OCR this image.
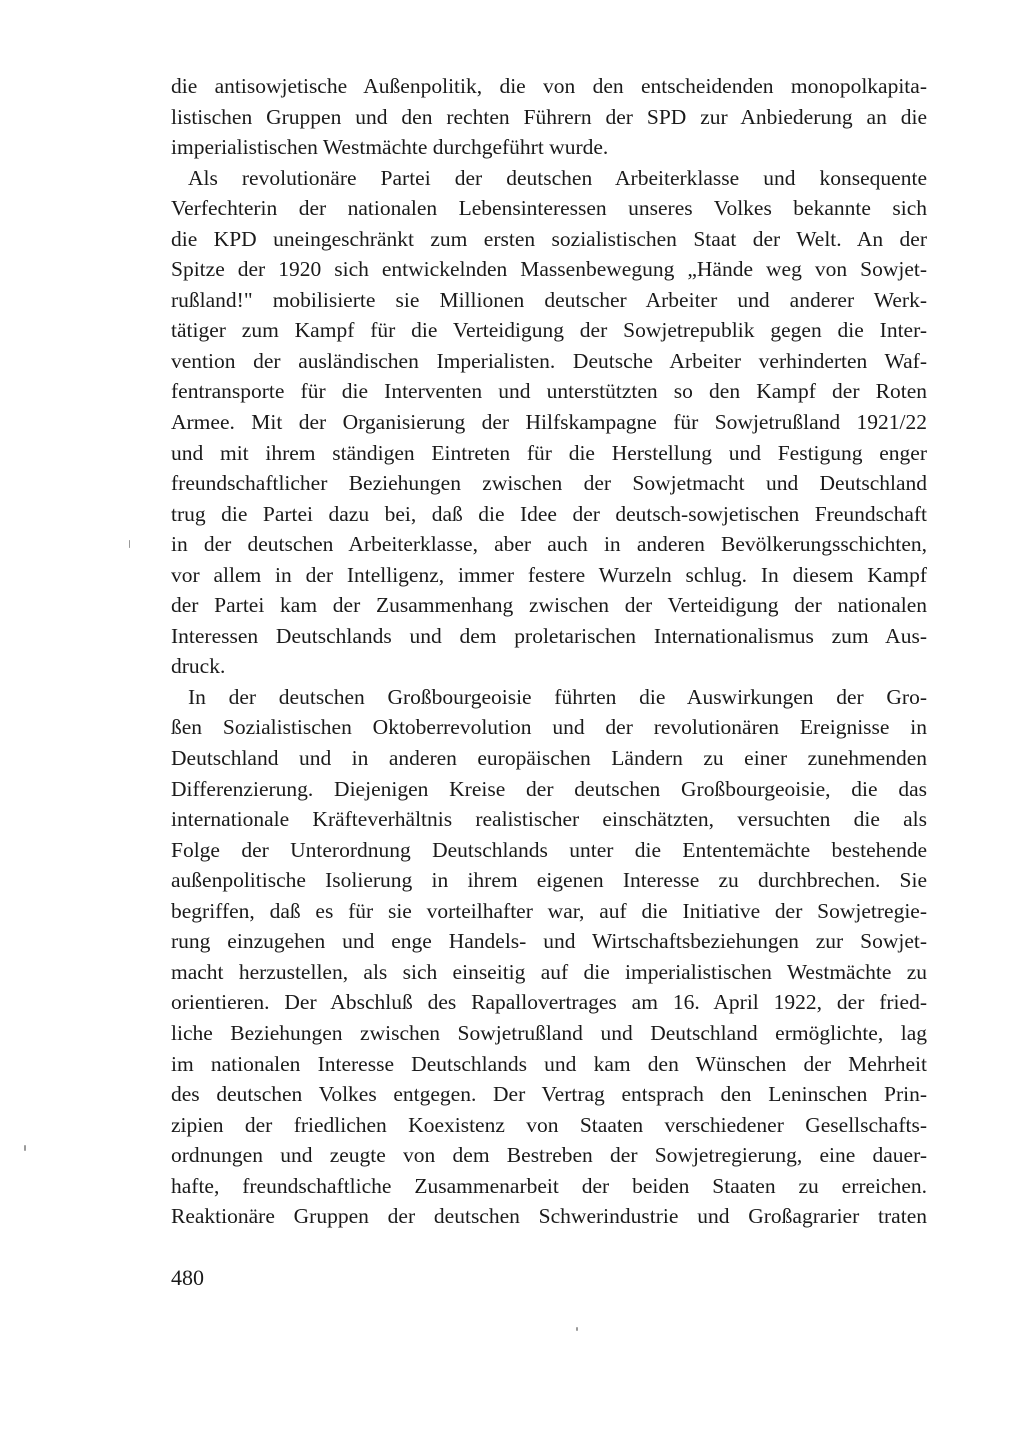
die antisowjetische Außenpolitik, die von den entscheidenden monopolkapita-
listischen Gruppen und den rechten Führern der SPD zur Anbiederung an die
imperialistischen Westmächte durchgeführt wurde.
Als revolutionäre Partei der deutschen Arbeiterklasse und konsequente
Verfechterin der nationalen Lebensinteressen unseres Volkes bekannte sich
die KPD uneingeschränkt zum ersten sozialistischen Staat der Welt. An der
Spitze der 1920 sich entwickelnden Massenbewegung „Hände weg von Sowjet-
rußland!" mobilisierte sie Millionen deutscher Arbeiter und anderer Werk-
tätiger zum Kampf für die Verteidigung der Sowjetrepublik gegen die Inter-
vention der ausländischen Imperialisten. Deutsche Arbeiter verhinderten Waf-
fentransporte für die Interventen und unterstützten so den Kampf der Roten
Armee. Mit der Organisierung der Hilfskampagne für Sowjetrußland 1921/22
und mit ihrem ständigen Eintreten für die Herstellung und Festigung enger
freundschaftlicher Beziehungen zwischen der Sowjetmacht und Deutschland
trug die Partei dazu bei, daß die Idee der deutsch-sowjetischen Freundschaft
in der deutschen Arbeiterklasse, aber auch in anderen Bevölkerungsschichten,
vor allem in der Intelligenz, immer festere Wurzeln schlug. In diesem Kampf
der Partei kam der Zusammenhang zwischen der Verteidigung der nationalen
Interessen Deutschlands und dem proletarischen Internationalismus zum Aus-
druck.
In der deutschen Großbourgeoisie führten die Auswirkungen der Gro-
ßen Sozialistischen Oktoberrevolution und der revolutionären Ereignisse in
Deutschland und in anderen europäischen Ländern zu einer zunehmenden
Differenzierung. Diejenigen Kreise der deutschen Großbourgeoisie, die das
internationale Kräfteverhältnis realistischer einschätzten, versuchten die als
Folge der Unterordnung Deutschlands unter die Ententemächte bestehende
außenpolitische Isolierung in ihrem eigenen Interesse zu durchbrechen. Sie
begriffen, daß es für sie vorteilhafter war, auf die Initiative der Sowjetregie-
rung einzugehen und enge Handels- und Wirtschaftsbeziehungen zur Sowjet-
macht herzustellen, als sich einseitig auf die imperialistischen Westmächte zu
orientieren. Der Abschluß des Rapallovertrages am 16. April 1922, der fried-
liche Beziehungen zwischen Sowjetrußland und Deutschland ermöglichte, lag
im nationalen Interesse Deutschlands und kam den Wünschen der Mehrheit
des deutschen Volkes entgegen. Der Vertrag entsprach den Leninschen Prin-
zipien der friedlichen Koexistenz von Staaten verschiedener Gesellschafts-
ordnungen und zeugte von dem Bestreben der Sowjetregierung, eine dauer-
hafte, freundschaftliche Zusammenarbeit der beiden Staaten zu erreichen.
Reaktionäre Gruppen der deutschen Schwerindustrie und Großagrarier traten
480
